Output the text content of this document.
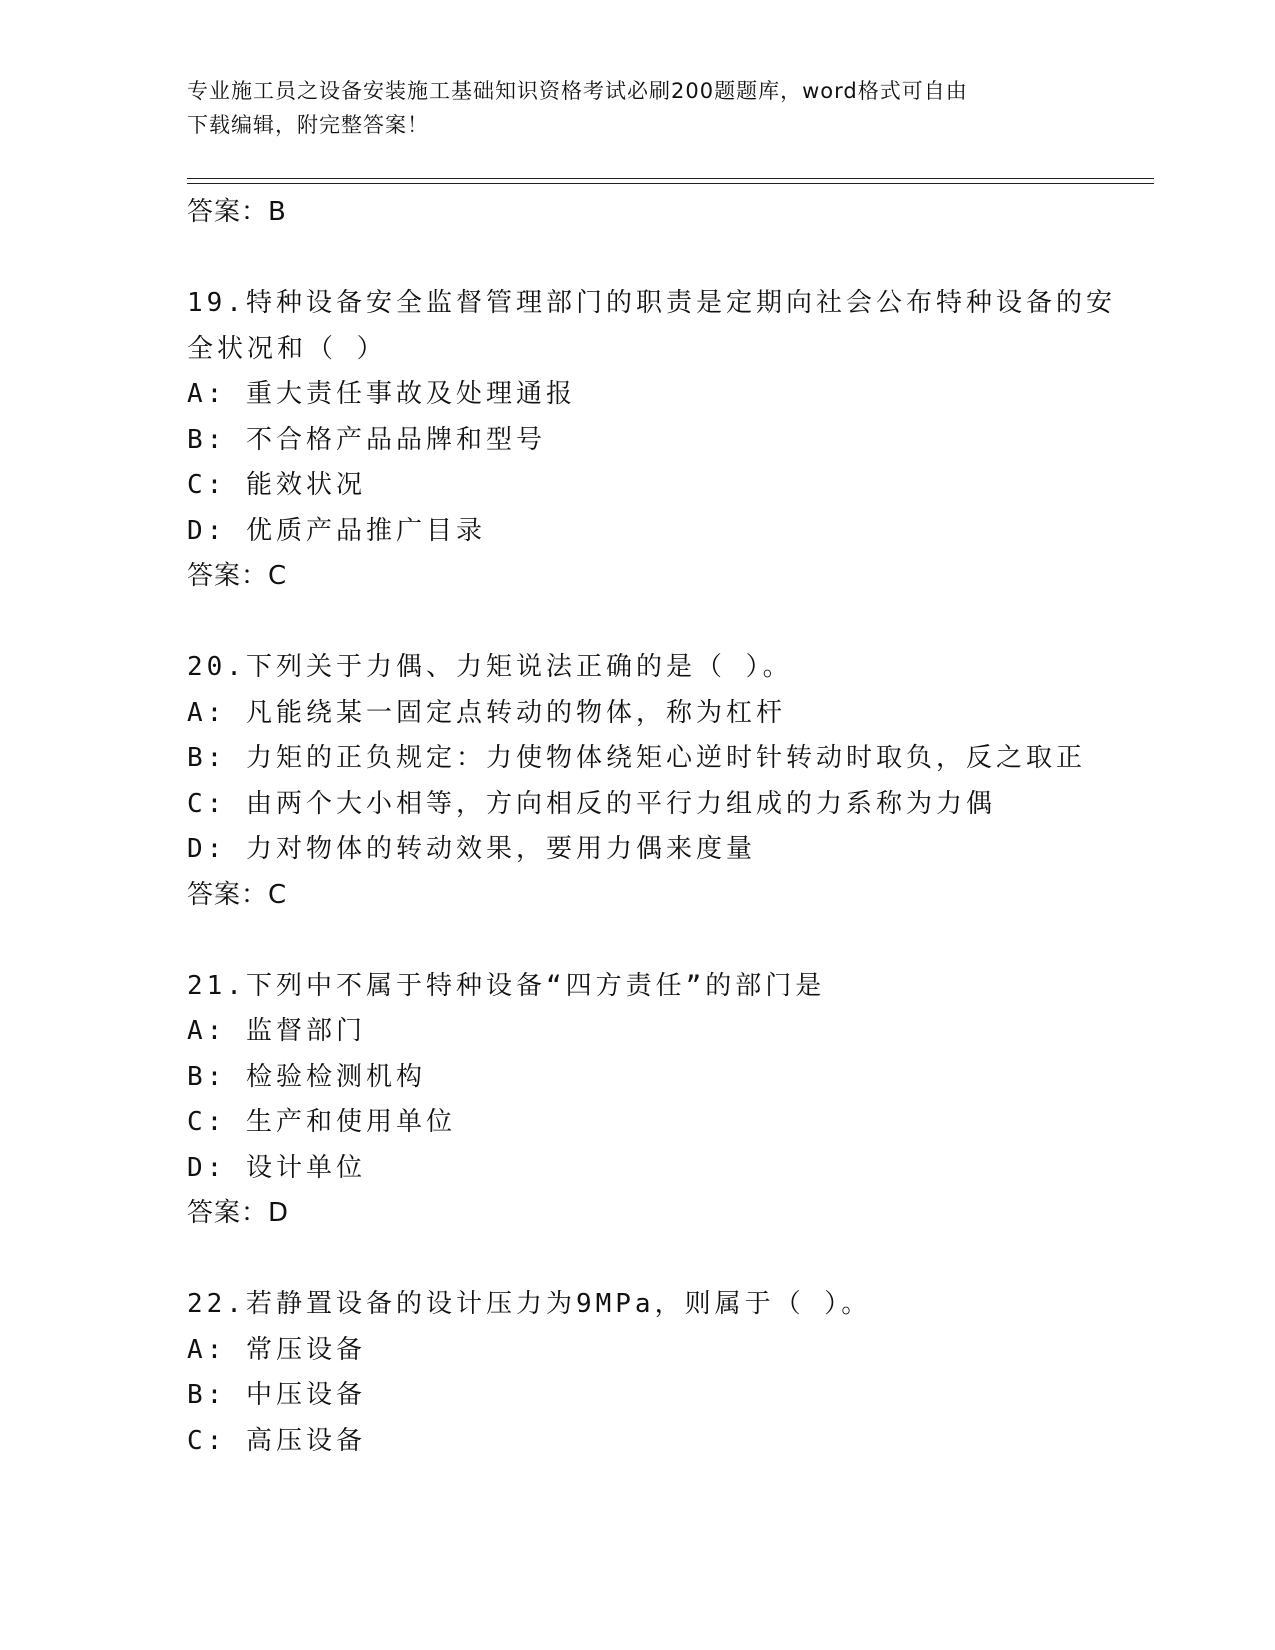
专业施工员之设备安装施工基础知识资格考试必刷200题题库，word格式可自由
下载编辑，附完整答案！
答案：B
19.特种设备安全监督管理部门的职责是定期向社会公布特种设备的安
全状况和（ ）
A: 重大责任事故及处理通报
B: 不合格产品品牌和型号
C: 能效状况
D: 优质产品推广目录
答案：C
20.下列关于力偶、力矩说法正确的是（ ）。
A: 凡能绕某一固定点转动的物体，称为杠杆
B: 力矩的正负规定：力使物体绕矩心逆时针转动时取负，反之取正
C: 由两个大小相等，方向相反的平行力组成的力系称为力偶
D: 力对物体的转动效果，要用力偶来度量
答案：C
21.下列中不属于特种设备“四方责任”的部门是
A: 监督部门
B: 检验检测机构
C: 生产和使用单位
D: 设计单位
答案：D
22.若静置设备的设计压力为9MPa，则属于（ ）。
A: 常压设备
B: 中压设备
C: 高压设备
